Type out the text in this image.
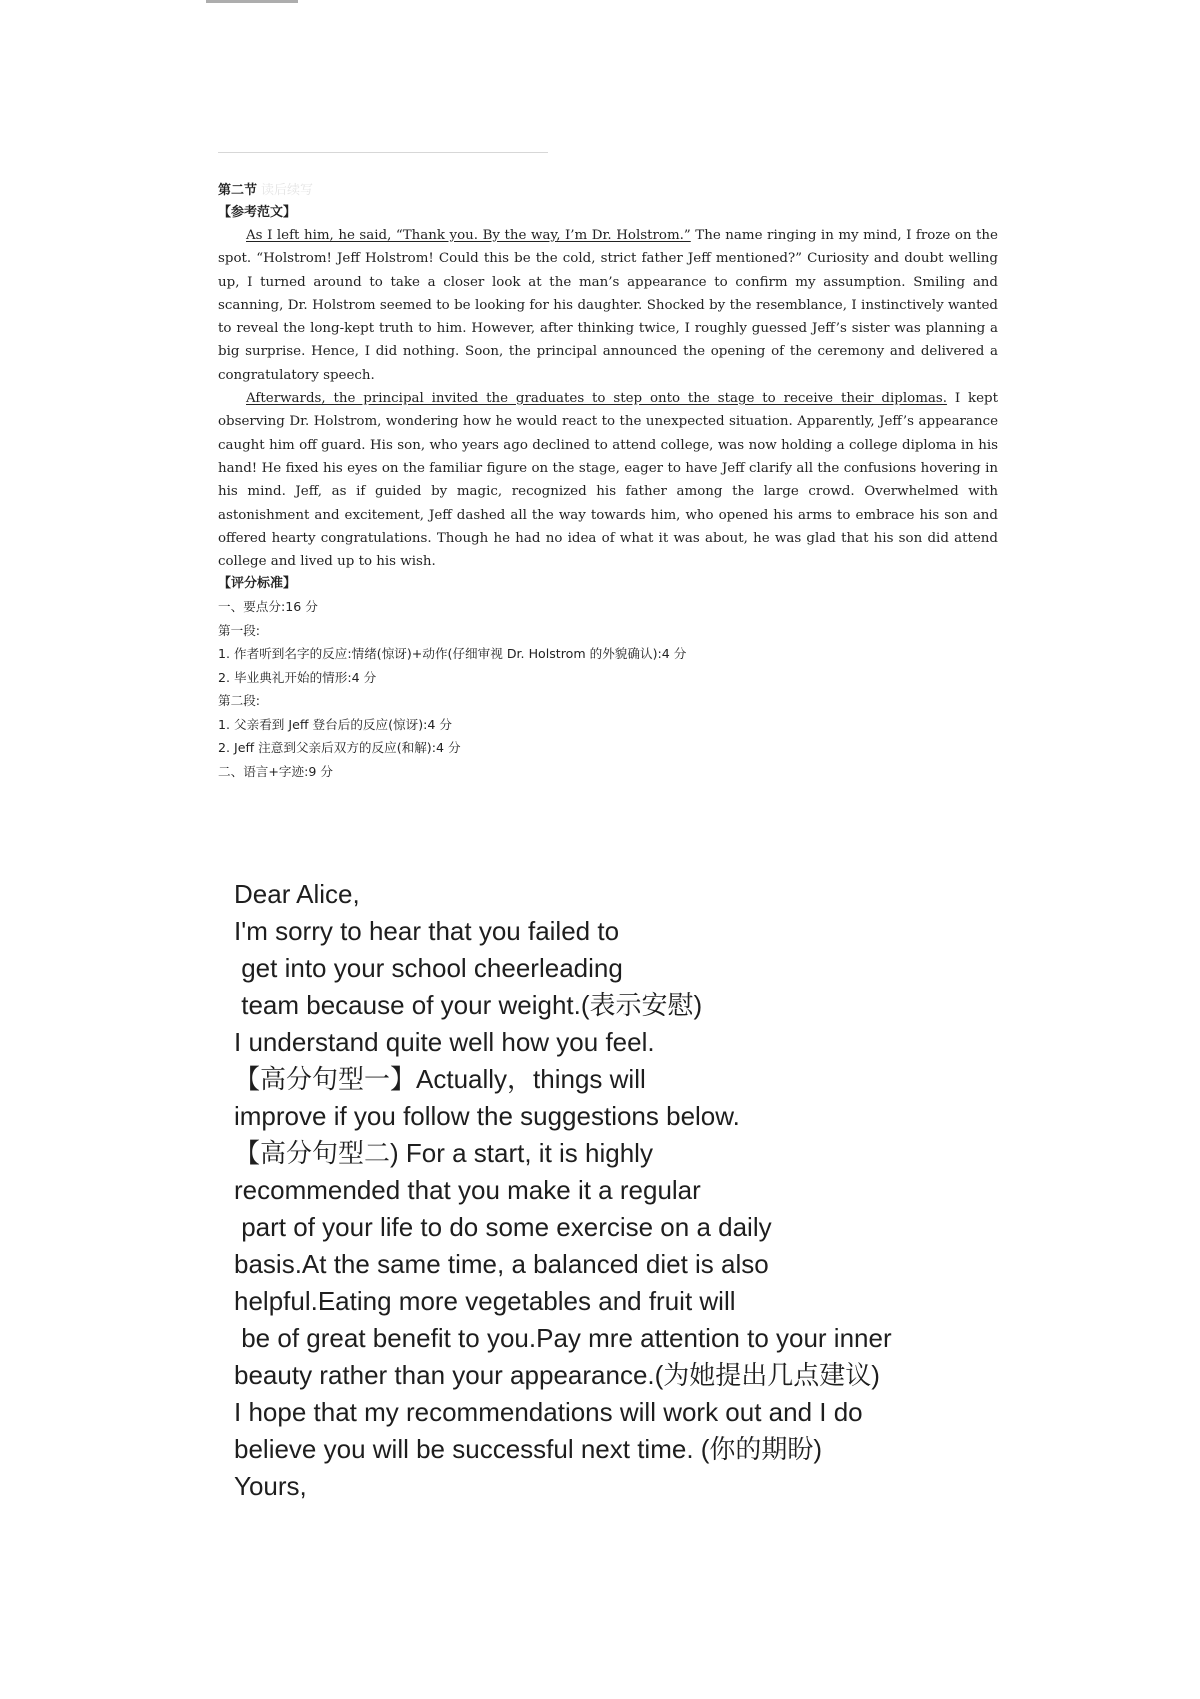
第二节 读后续写

【参考范文】

As I left him, he said, “Thank you. By the way, I’m Dr. Holstrom.” The name ringing in my mind, I froze on the spot. “Holstrom! Jeff Holstrom! Could this be the cold, strict father Jeff mentioned?” Curiosity and doubt welling up, I turned around to take a closer look at the man’s appearance to confirm my assumption. Smiling and scanning, Dr. Holstrom seemed to be looking for his daughter. Shocked by the resemblance, I instinctively wanted to reveal the long-kept truth to him. However, after thinking twice, I roughly guessed Jeff’s sister was planning a big surprise. Hence, I did nothing. Soon, the principal announced the opening of the ceremony and delivered a congratulatory speech.

Afterwards, the principal invited the graduates to step onto the stage to receive their diplomas. I kept observing Dr. Holstrom, wondering how he would react to the unexpected situation. Apparently, Jeff’s appearance caught him off guard. His son, who years ago declined to attend college, was now holding a college diploma in his hand! He fixed his eyes on the familiar figure on the stage, eager to have Jeff clarify all the confusions hovering in his mind. Jeff, as if guided by magic, recognized his father among the large crowd. Overwhelmed with astonishment and excitement, Jeff dashed all the way towards him, who opened his arms to embrace his son and offered hearty congratulations. Though he had no idea of what it was about, he was glad that his son did attend college and lived up to his wish.

【评分标准】

一、要点分:16 分

第一段:

1. 作者听到名字的反应:情绪(惊讶)+动作(仔细审视 Dr. Holstrom 的外貌确认):4 分

2. 毕业典礼开始的情形:4 分

第二段:

1. 父亲看到 Jeff 登台后的反应(惊讶):4 分

2. Jeff 注意到父亲后双方的反应(和解):4 分

二、语言+字迹:9 分

Dear Alice,

I'm sorry to hear that you failed to

get into your school cheerleading

team because of your weight.(表示安慰)

I understand quite well how you feel.

【高分句型一】Actually，things will

improve if you follow the suggestions below.

【高分句型二) For a start, it is highly

recommended that you make it a regular

part of your life to do some exercise on a daily

basis.At the same time, a balanced diet is also

helpful.Eating more vegetables and fruit will

be of great benefit to you.Pay mre attention to your inner

beauty rather than your appearance.(为她提出几点建议)

I hope that my recommendations will work out and I do

believe you will be successful next time. (你的期盼)

Yours,
